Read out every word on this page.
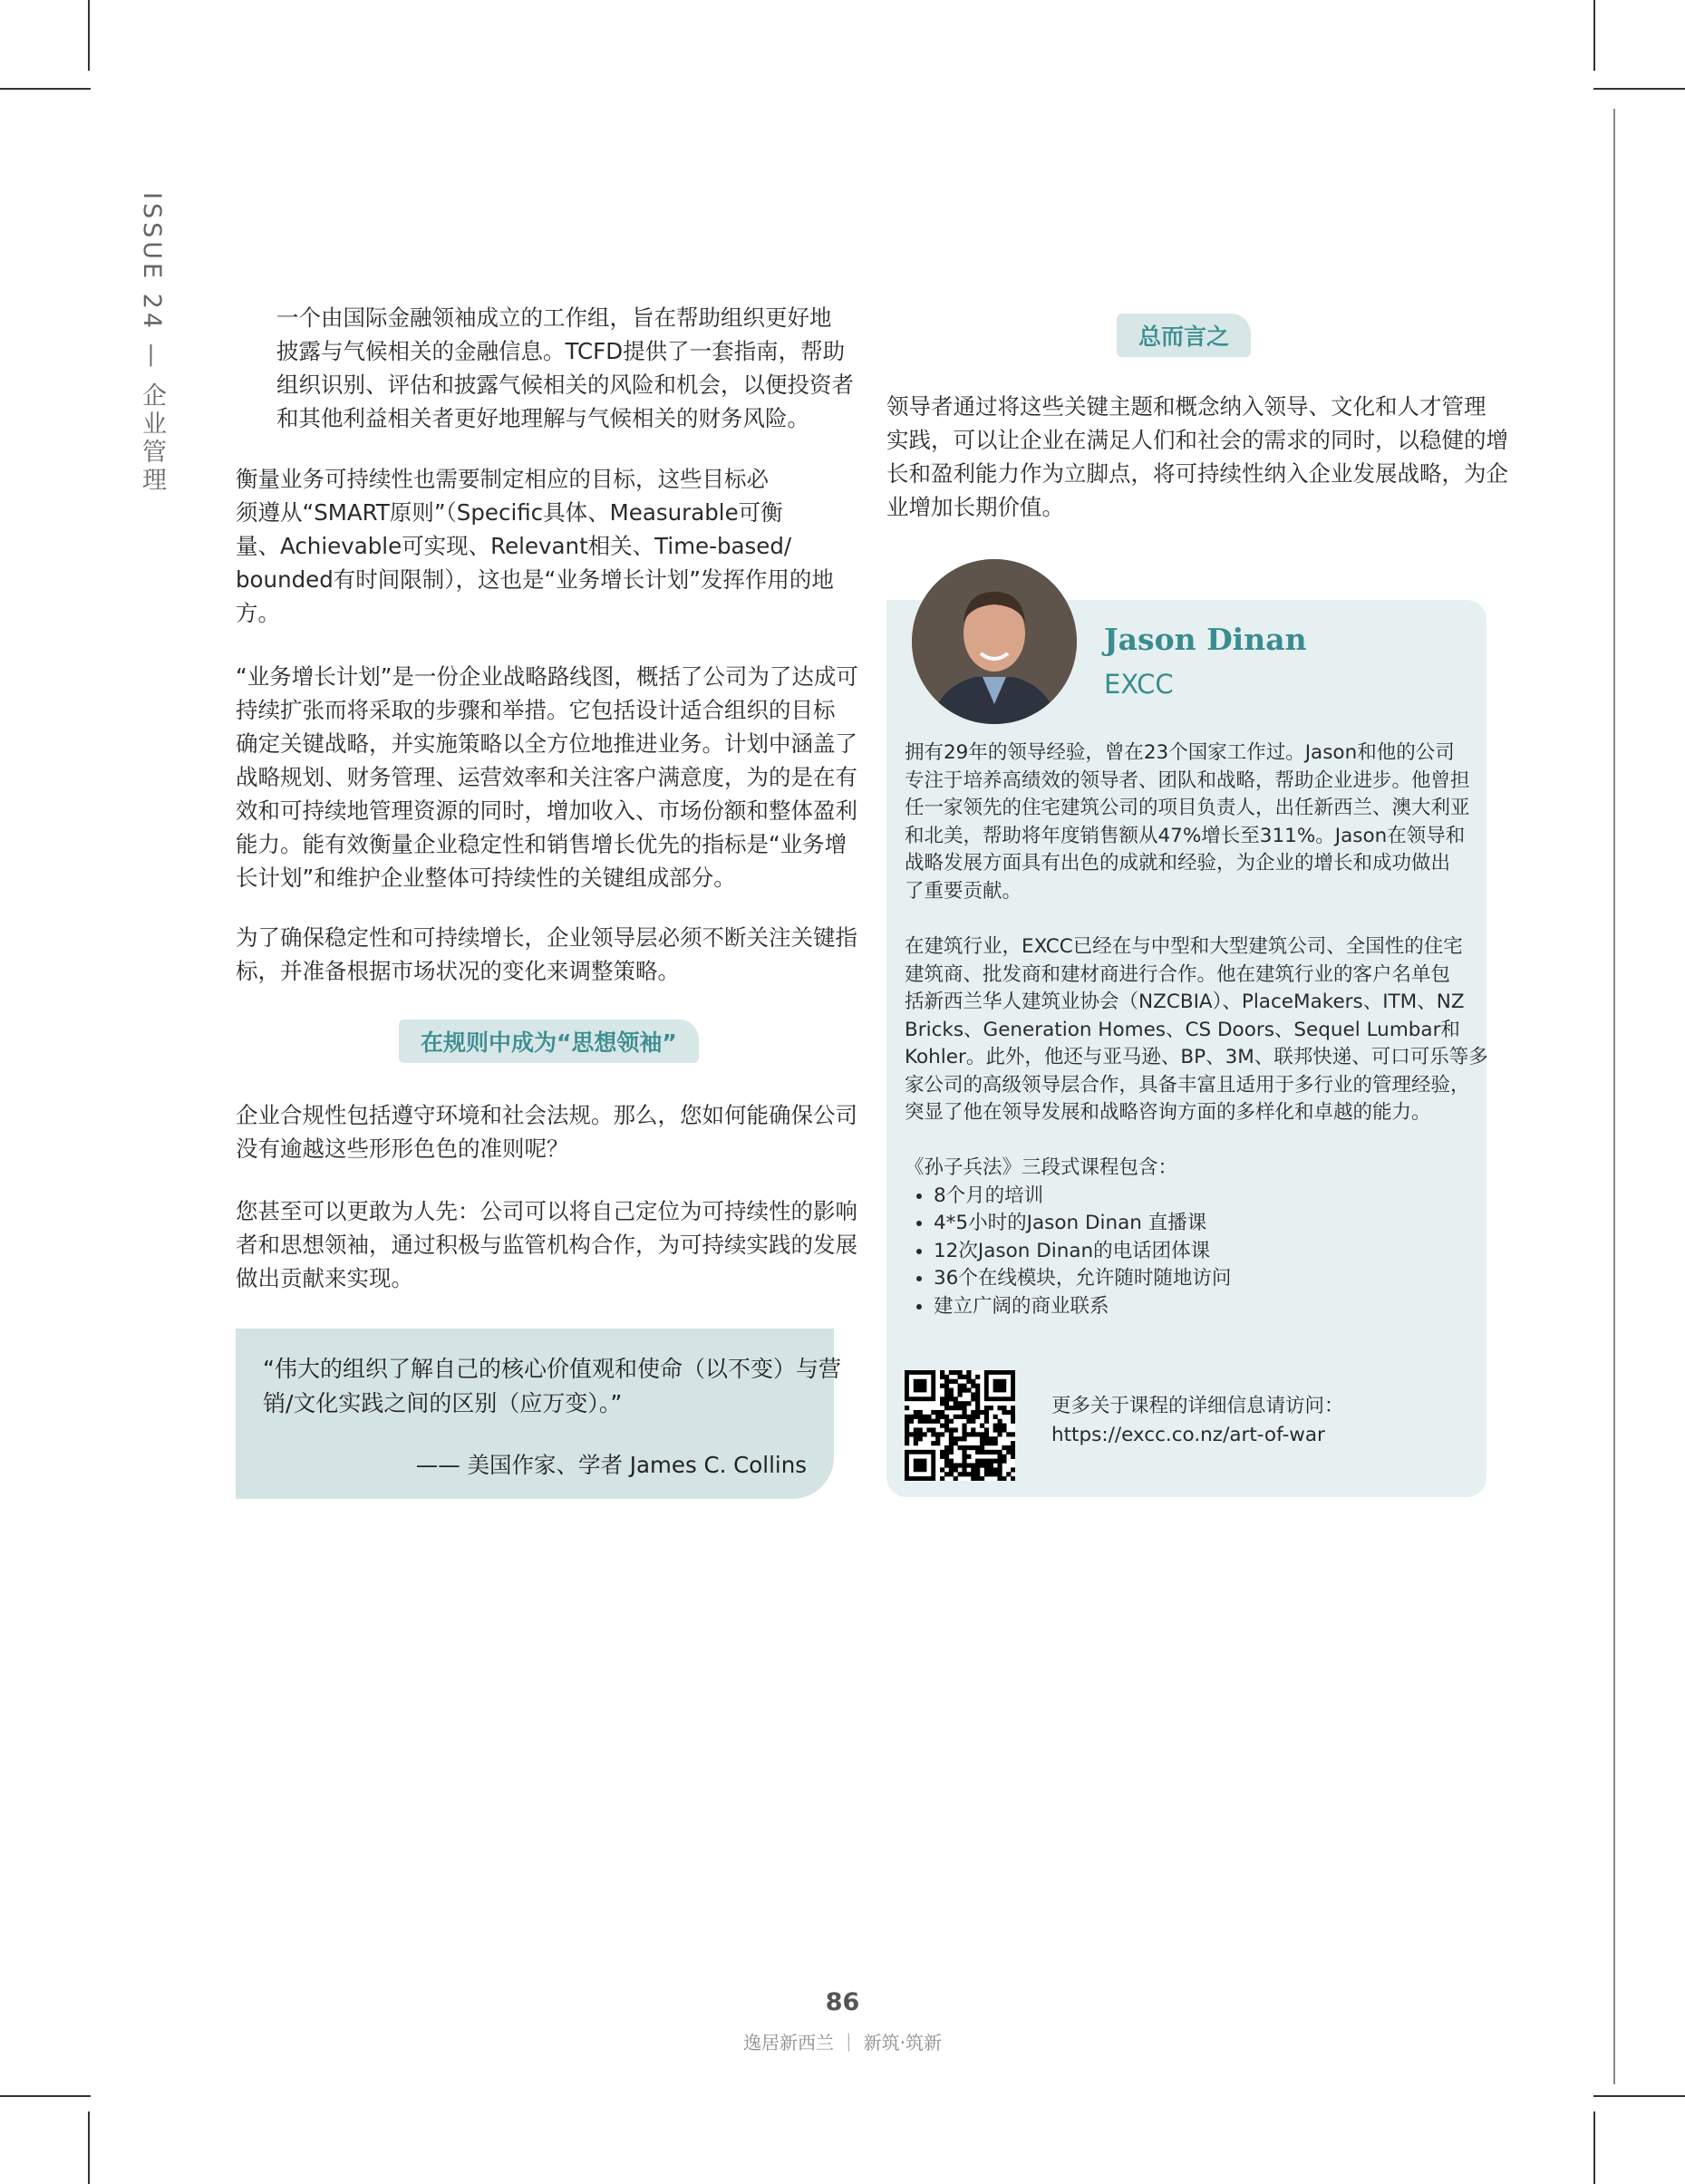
ISSUE 24 — 企业管理	一个由国际金融领袖成立的工作组，旨在帮助组织更好地
披露与气候相关的金融信息。TCFD提供了一套指南，帮助
组织识别、评估和披露气候相关的风险和机会，以便投资者
和其他利益相关者更好地理解与气候相关的财务风险。

衡量业务可持续性也需要制定相应的目标，这些目标必
须遵从“SMART原则”（Specific具体、Measurable可衡
量、Achievable可实现、Relevant相关、Time-based/
bounded有时间限制），这也是“业务增长计划”发挥作用的地
方。

“业务增长计划”是一份企业战略路线图，概括了公司为了达成可
持续扩张而将采取的步骤和举措。它包括设计适合组织的目标
确定关键战略，并实施策略以全方位地推进业务。计划中涵盖了
战略规划、财务管理、运营效率和关注客户满意度，为的是在有
效和可持续地管理资源的同时，增加收入、市场份额和整体盈利
能力。能有效衡量企业稳定性和销售增长优先的指标是“业务增
长计划”和维护企业整体可持续性的关键组成部分。

为了确保稳定性和可持续增长，企业领导层必须不断关注关键指
标，并准备根据市场状况的变化来调整策略。

在规则中成为“思想领袖”

企业合规性包括遵守环境和社会法规。那么，您如何能确保公司
没有逾越这些形形色色的准则呢？

您甚至可以更敢为人先：公司可以将自己定位为可持续性的影响
者和思想领袖，通过积极与监管机构合作，为可持续实践的发展
做出贡献来实现。

“伟大的组织了解自己的核心价值观和使命（以不变）与营
销/文化实践之间的区别（应万变）。”
—— 美国作家、学者 James C. Collins
总而言之

领导者通过将这些关键主题和概念纳入领导、文化和人才管理
实践，可以让企业在满足人们和社会的需求的同时，以稳健的增
长和盈利能力作为立脚点，将可持续性纳入企业发展战略，为企
业增加长期价值。

Jason Dinan
EXCC

拥有29年的领导经验，曾在23个国家工作过。Jason和他的公司
专注于培养高绩效的领导者、团队和战略，帮助企业进步。他曾担
任一家领先的住宅建筑公司的项目负责人，出任新西兰、澳大利亚
和北美，帮助将年度销售额从47%增长至311%。Jason在领导和
战略发展方面具有出色的成就和经验，为企业的增长和成功做出
了重要贡献。

在建筑行业，EXCC已经在与中型和大型建筑公司、全国性的住宅
建筑商、批发商和建材商进行合作。他在建筑行业的客户名单包
括新西兰华人建筑业协会（NZCBIA）、PlaceMakers、ITM、NZ
Bricks、Generation Homes、CS Doors、Sequel Lumbar和
Kohler。此外，他还与亚马逊、BP、3M、联邦快递、可口可乐等多
家公司的高级领导层合作，具备丰富且适用于多行业的管理经验，
突显了他在领导发展和战略咨询方面的多样化和卓越的能力。

《孙子兵法》三段式课程包含：

• 8个月的培训
• 4*5小时的Jason Dinan 直播课
• 12次Jason Dinan的电话团体课
• 36个在线模块，允许随时随地访问
• 建立广阔的商业联系
更多关于课程的详细信息请访问：
https://excc.co.nz/art-of-war
86
逸居新西兰 ｜ 新筑·筑新
